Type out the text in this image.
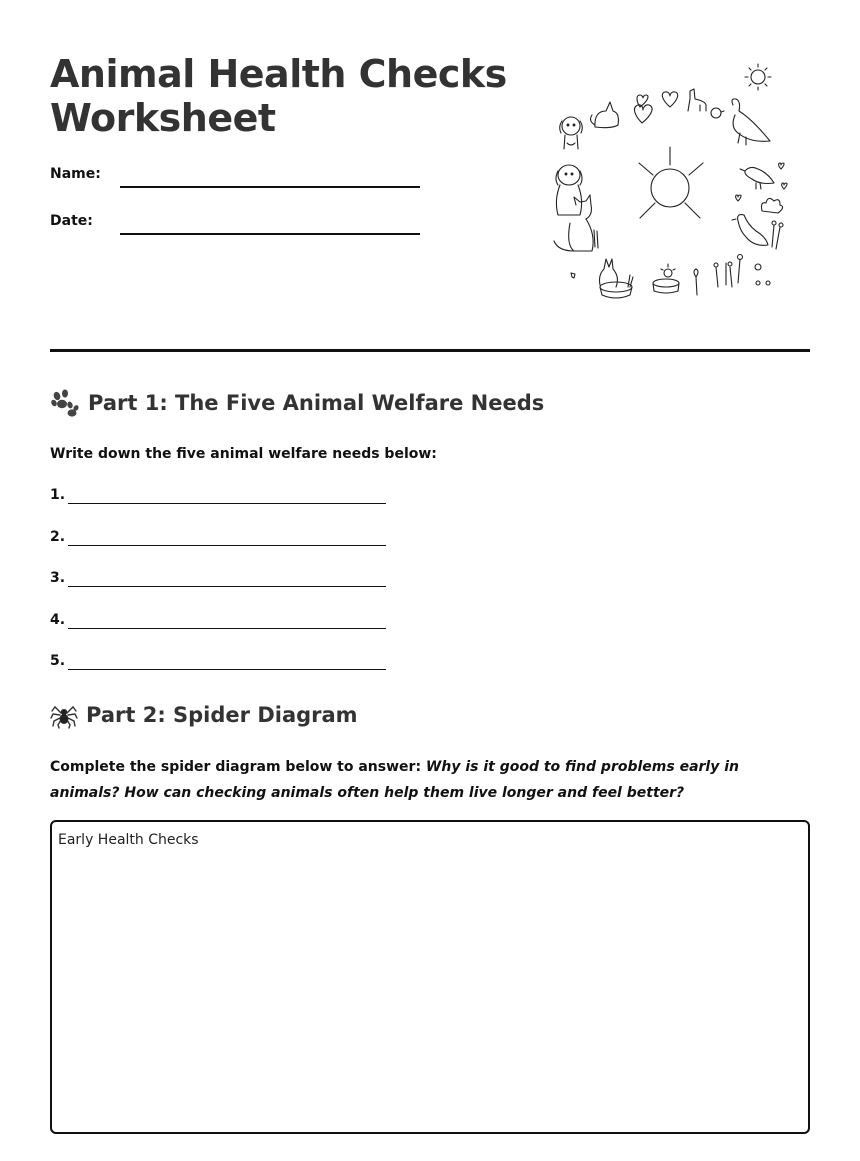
Animal Health Checks Worksheet
Name:
Date:
Part 1: The Five Animal Welfare Needs
Write down the five animal welfare needs below:
1.
2.
3.
4.
5.
Part 2: Spider Diagram
Complete the spider diagram below to answer: Why is it good to find problems early in animals? How can checking animals often help them live longer and feel better?
Early Health Checks
